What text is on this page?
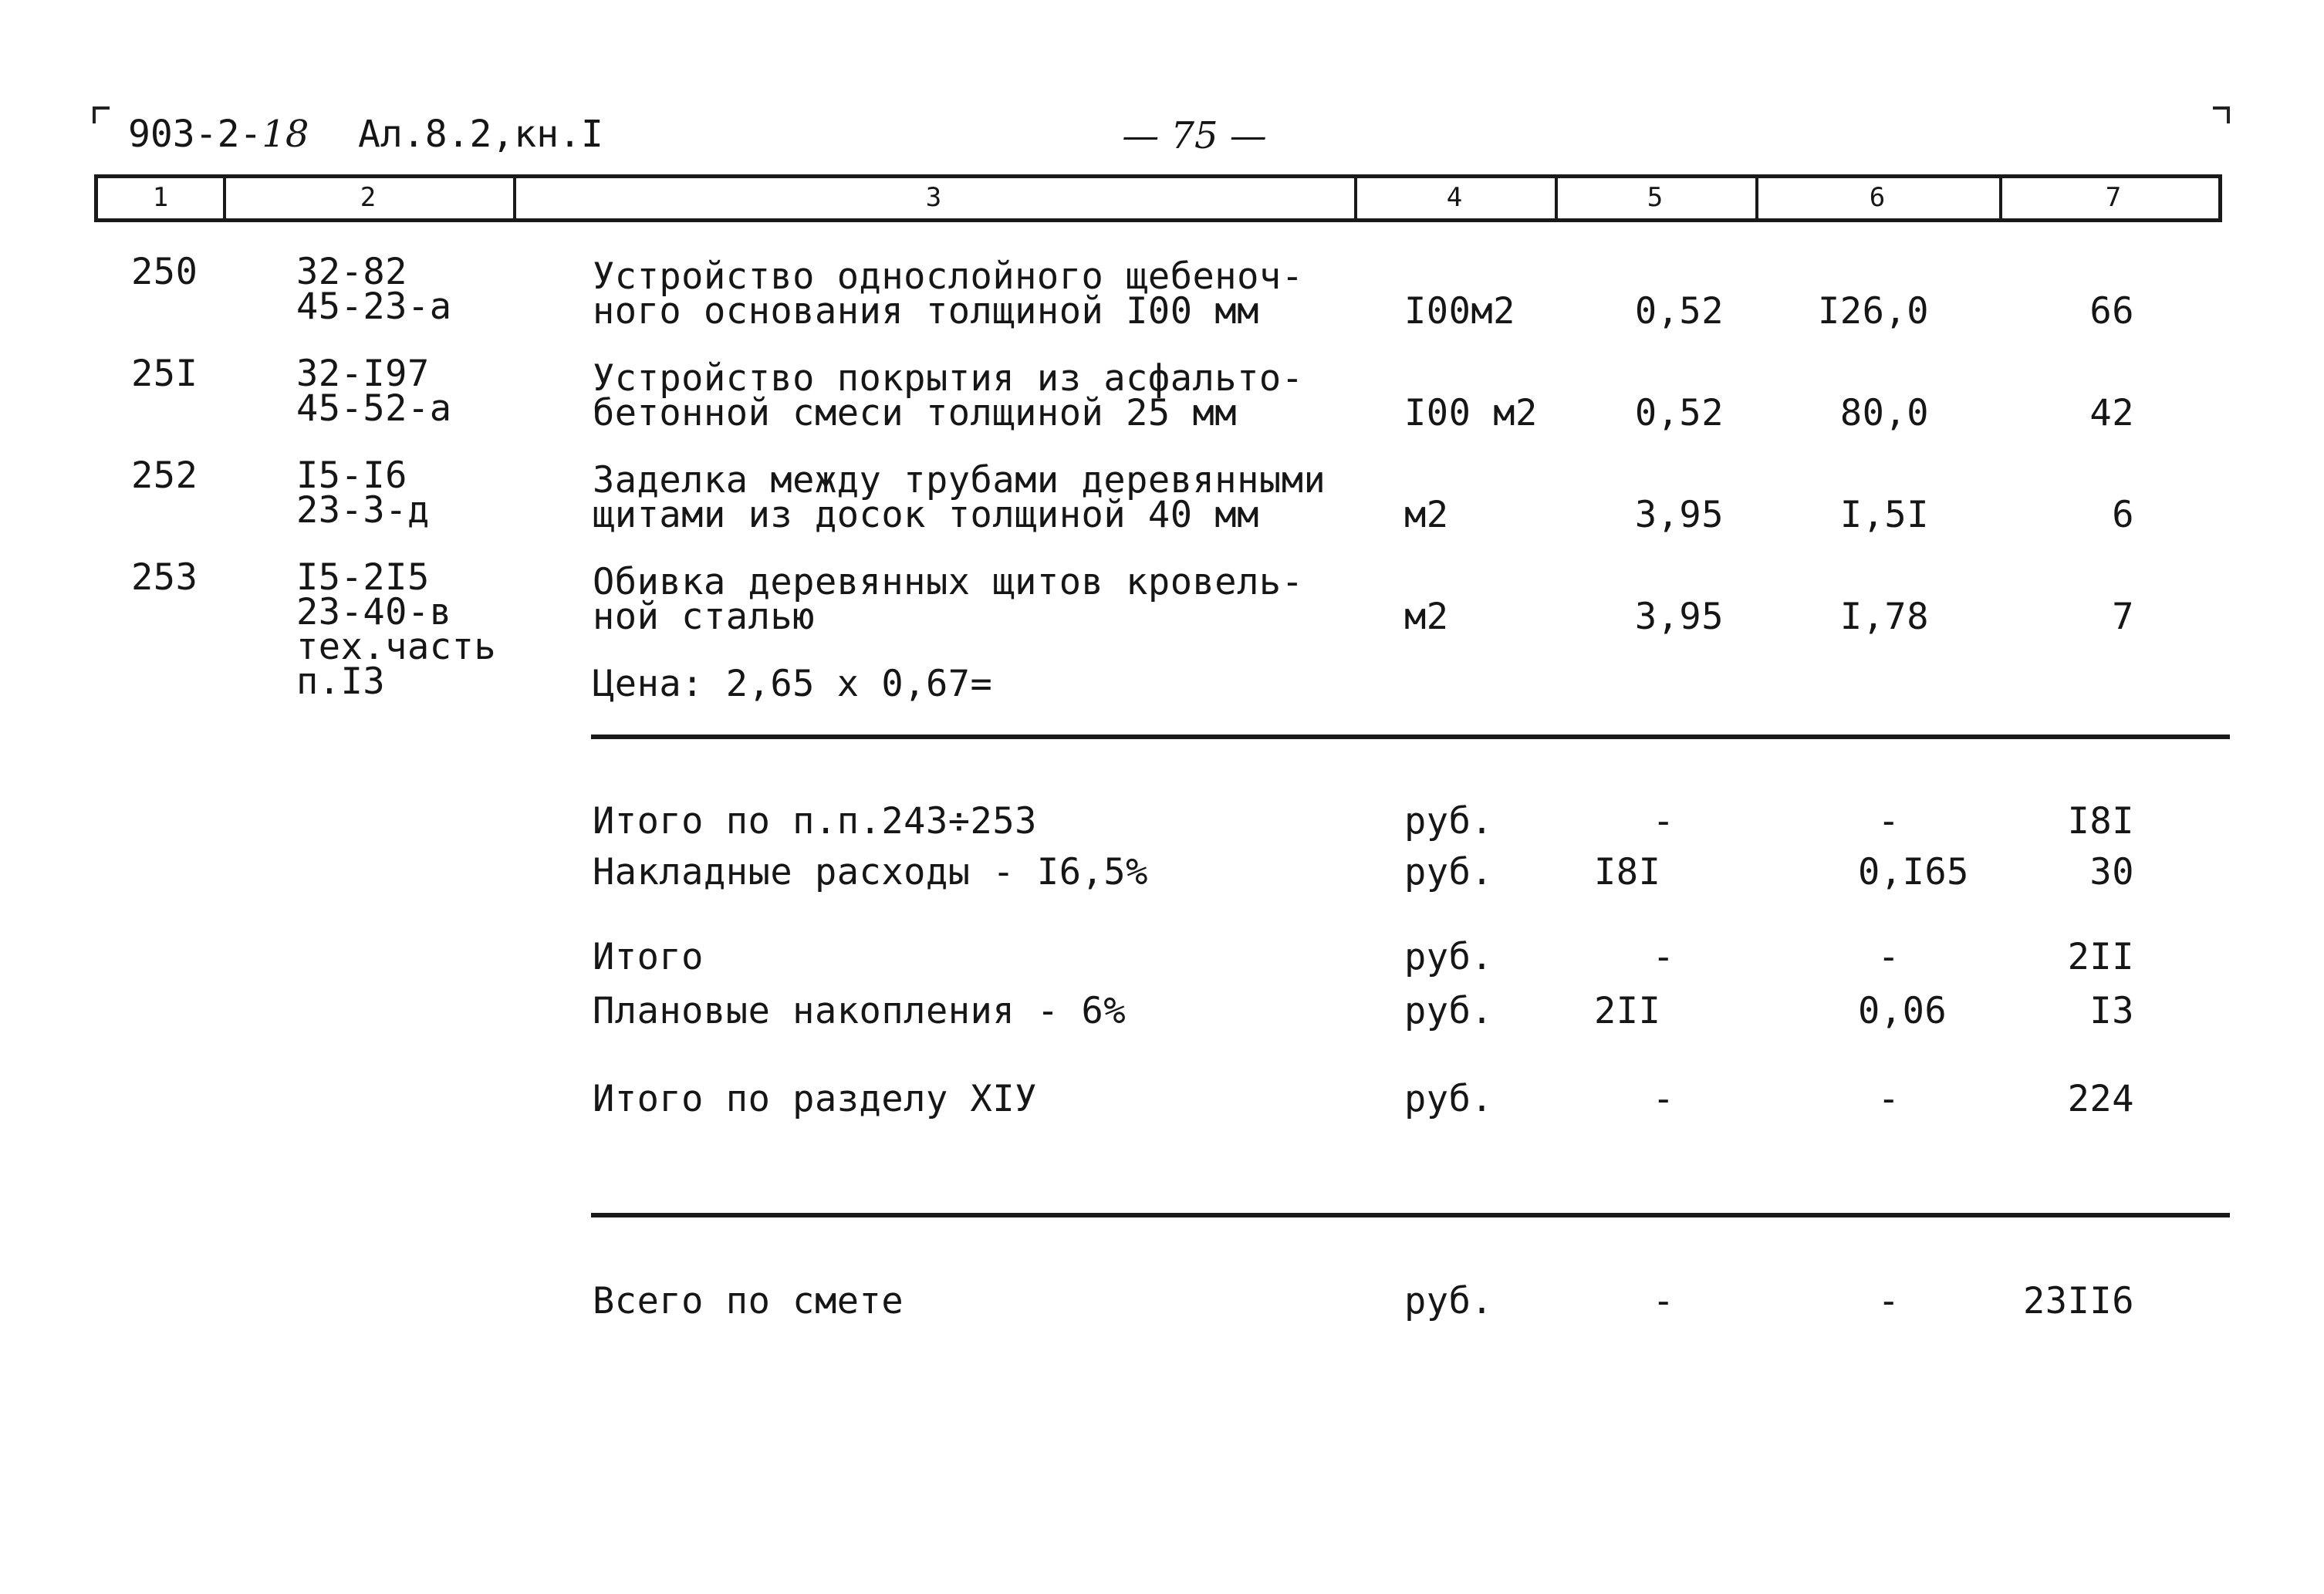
903-2-18 Ал.8.2,кн.I	— 75 —
1	2	3	4	5	6	7
250	32-82
45-23-а
Устройство однослойного щебеноч-
ного основания толщиной I00 мм	I00м2	0,52	I26,0	66
25I	32-I97
45-52-а
Устройство покрытия из асфальто-
бетонной смеси толщиной 25 мм	I00 м2	0,52	80,0	42
252	I5-I6
23-3-д
Заделка между трубами деревянными
щитами из досок толщиной 40 мм	м2	3,95	I,5I	6
253	I5-2I5
23-40-в
тех.часть
п.I3
Обивка деревянных щитов кровель-
ной сталью	м2	3,95	I,78	7
Цена: 2,65 х 0,67=
Итого по п.п.243÷253	руб.	-	-	I8I
Накладные расходы - I6,5%	руб.	I8I	0,I65	30
Итого	руб.	-	-	2II
Плановые накопления - 6%	руб.	2II	0,06	I3
Итого по разделу XIУ	руб.	-	-	224
Всего по смете	руб.	-	-	23II6
